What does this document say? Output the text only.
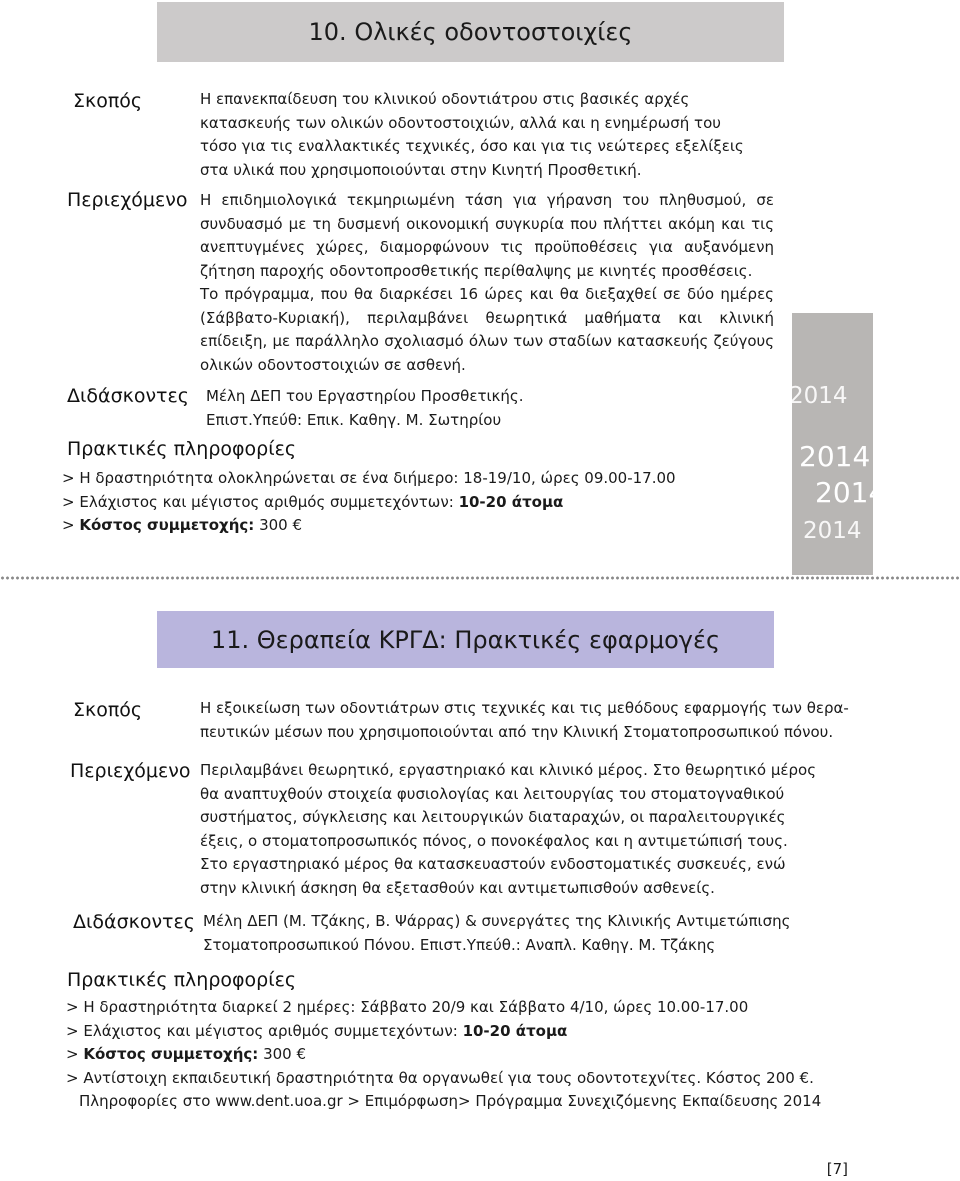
10. Ολικές οδοντοστοιχίες
Σκοπός	Η επανεκπαίδευση του κλινικού οδοντιάτρου στις βασικές αρχές
κατασκευής των ολικών οδοντοστοιχιών, αλλά και η ενημέρωσή του
τόσο για τις εναλλακτικές τεχνικές, όσο και για τις νεώτερες εξελίξεις
στα υλικά που χρησιμοποιούνται στην Κινητή Προσθετική.
Περιεχόμενο Η επιδημιολογικά τεκμηριωμένη τάση για γήρανση του πληθυσμού, σε συνδυασμό με τη δυσμενή οικονομική συγκυρία που πλήττει ακόμη και τις ανεπτυγμένες χώρες, διαμορφώνουν τις προϋποθέσεις για αυξανόμενη ζήτηση παροχής οδοντοπροσθετικής περίθαλψης με κινητές προσθέσεις.

Το πρόγραμμα, που θα διαρκέσει 16 ώρες και θα διεξαχθεί σε δύο ημέρες (Σάββατο-Κυριακή), περιλαμβάνει θεωρητικά μαθήματα και κλινική επίδειξη, με παράλληλο σχολιασμό όλων των σταδίων κατασκευής ζεύγους ολικών οδοντοστοιχιών σε ασθενή.

Διδάσκοντες Μέλη ΔΕΠ του Εργαστηρίου Προσθετικής.
Επιστ.Υπεύθ: Επικ. Καθηγ. Μ. Σωτηρίου
Πρακτικές πληροφορίες
> Η δραστηριότητα ολοκληρώνεται σε ένα διήμερο: 18-19/10, ώρες 09.00-17.00
> Ελάχιστος και μέγιστος αριθμός συμμετεχόντων: 10-20 άτομα
> Κόστος συμμετοχής: 300 €
2014
2014
2014
2014
11. Θεραπεία ΚΡΓΔ: Πρακτικές εφαρμογές
Σκοπός	Η εξοικείωση των οδοντιάτρων στις τεχνικές και τις μεθόδους εφαρμογής των θερα-
πευτικών μέσων που χρησιμοποιούνται από την Κλινική Στοματοπροσωπικού πόνου.
Περιεχόμενο Περιλαμβάνει θεωρητικό, εργαστηριακό και κλινικό μέρος. Στο θεωρητικό μέρος
θα αναπτυχθούν στοιχεία φυσιολογίας και λειτουργίας του στοματογναθικού
συστήματος, σύγκλεισης και λειτουργικών διαταραχών, οι παραλειτουργικές
έξεις, ο στοματοπροσωπικός πόνος, ο πονοκέφαλος και η αντιμετώπισή τους.
Στο εργαστηριακό μέρος θα κατασκευαστούν ενδοστοματικές συσκευές, ενώ
στην κλινική άσκηση θα εξετασθούν και αντιμετωπισθούν ασθενείς.
Διδάσκοντες Μέλη ΔΕΠ (Μ. Τζάκης, Β. Ψάρρας) & συνεργάτες της Κλινικής Αντιμετώπισης
Στοματοπροσωπικού Πόνου. Επιστ.Υπεύθ.: Αναπλ. Καθηγ. Μ. Τζάκης
Πρακτικές πληροφορίες
> Η δραστηριότητα διαρκεί 2 ημέρες: Σάββατο 20/9 και Σάββατο 4/10, ώρες 10.00-17.00
> Ελάχιστος και μέγιστος αριθμός συμμετεχόντων: 10-20 άτομα
> Κόστος συμμετοχής: 300 €
> Αντίστοιχη εκπαιδευτική δραστηριότητα θα οργανωθεί για τους οδοντοτεχνίτες. Κόστος 200 €.
Πληροφορίες στο www.dent.uoa.gr > Επιμόρφωση> Πρόγραμμα Συνεχιζόμενης Εκπαίδευσης 2014
[7]
